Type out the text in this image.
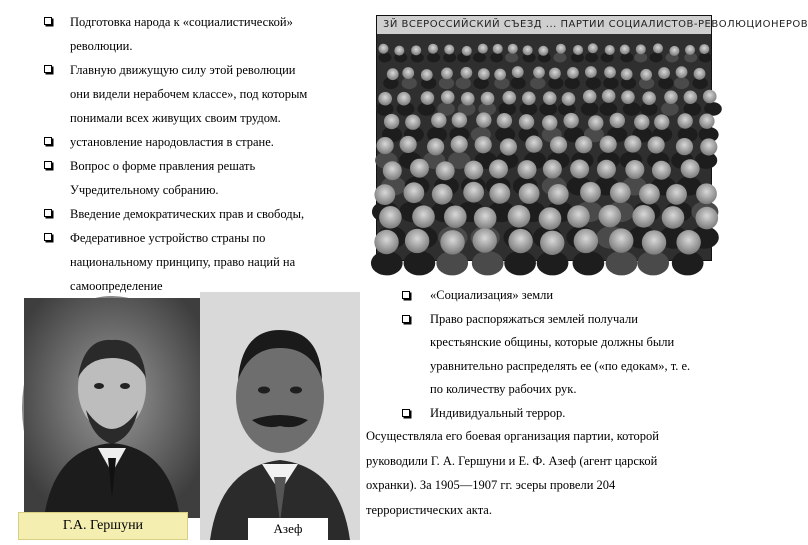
Подготовка народа к «социалистической»
революции.
Главную движущую силу этой революции
они видели нерабочем классе», под которым
понимали всех живущих своим трудом.
установление народовластия в стране.
Вопрос о форме правления решать
Учредительному собранию.
Введение демократических прав и свободы,
Федеративное устройство страны по
национальному принципу, право наций на
самоопределение
3Й ВСЕРОССИЙСКИЙ СЪЕЗД ... ПАРТИИ СОЦИАЛИСТОВ-РЕВОЛЮЦИОНЕРОВ
Г.А. Гершуни	Азеф
«Социализация» земли
Право распоряжаться землей получали
крестьянские общины, которые должны были
уравнительно распределять ее («по едокам», т. е.
по количеству рабочих рук.
Индивидуальный террор.
Осуществляла его боевая организация партии, которой
руководили Г. А. Гершуни и Е. Ф. Азеф (агент царской
охранки). За 1905—1907 гг. эсеры провели 204
террористических акта.
